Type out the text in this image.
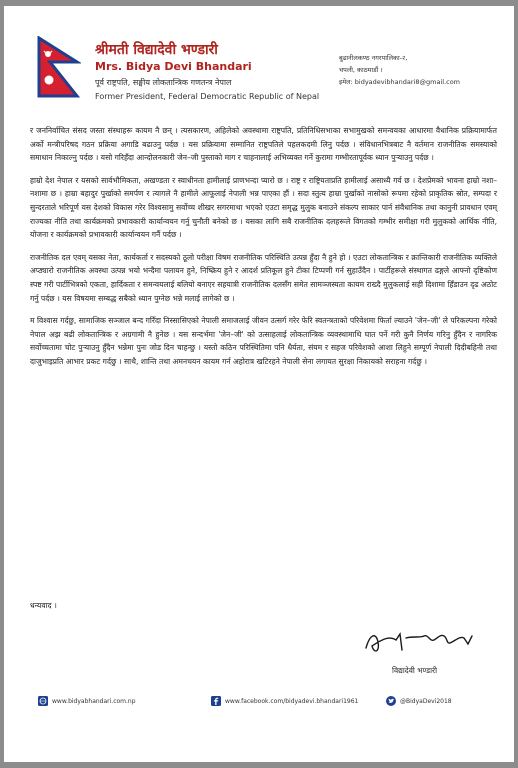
श्रीमती विद्यादेवी भण्डारी
Mrs. Bidya Devi Bhandari
पूर्व राष्ट्रपति, सङ्घीय लोकतान्त्रिक गणतन्त्र नेपाल
Former President, Federal Democratic Republic of Nepal
बुढानीलकण्ठ नगरपालिका-२,
चपली, काठमाडौं ।
इमेल: bidyadevibhandari8@gmail.com

र जननिर्वाचित संसद जस्ता संस्थाहरू कायम नै छन् । त्यसकारण, अहिलेको अवस्थामा राष्ट्रपति, प्रतिनिधिसभाका सभामुखको समन्वयका आधारमा वैधानिक प्रक्रियामार्फत अर्को मन्त्रीपरिषद गठन प्रक्रिया अगाडि बढाउनु पर्दछ । यस प्रक्रियामा सम्मानित राष्ट्रपतिले पहलकदमी लिनु पर्दछ । संविधानभित्रबाट नै वर्तमान राजनीतिक समस्याको समाधान निकाल्नु पर्दछ । यसो गरिहँदा आन्दोलनकारी जेन–जी पुस्ताको माग र चाहनालाई अभिव्यक्त गर्ने कुरामा गम्भीरतापूर्वक ध्यान पुऱ्याउनु पर्दछ ।

हाम्रो देश नेपाल र यसको सार्वभौमिकता, अखण्डता र स्वाधीनता हामीलाई प्राणभन्दा प्यारो छ । राष्ट्र र राष्ट्रियताप्रति हामीलाई असाध्यै गर्व छ । देशप्रेमको भावना हाम्रो नशा–नशामा छ । हाम्रा बहादुर पुर्खाको समर्पण र त्यागले नै हामीले आफूलाई नेपाली भन्न पाएका हौं । सदा स्तुत्य हाम्रा पुर्खाको नासोको रूपमा रहेको प्राकृतिक स्रोत, सम्पदा र सुन्दरताले भरिपूर्ण यस देशको विकास गरेर विश्वसामु सर्वोच्च शीखर सगरमाथा भएको एउटा समृद्ध मुलुक बनाउने संकल्प साकार पार्न संवैधानिक तथा कानुनी प्रावधान एवम् राज्यका नीति तथा कार्यक्रमको प्रभावकारी कार्यान्वयन गर्नु चुनौती बनेको छ । यसका लागि सबै राजनीतिक दलहरूले विगतको गम्भीर समीक्षा गरी मुलुकको आर्थिक नीति, योजना र कार्यक्रमको प्रभावकारी कार्यान्वयन गर्नै पर्दछ ।

राजनीतिक दल एवम् यसका नेता, कार्यकर्ता र सदस्यको ठूलो परीक्षा विषम राजनीतिक परिस्थिति उत्पन्न हुँदा नै हुने हो । एउटा लोकतान्त्रिक र क्रान्तिकारी राजनीतिक व्यक्तिले अप्ठ्यारो राजनीतिक अवस्था उत्पन्न भयो भन्दैमा पलायन हुने, निष्क्रिय हुने र आदर्श प्रतिकूल हुने टीका टिप्पणी गर्न सुहाउँदैन । पार्टीहरूले संस्थागत ढङ्गले आफ्नो दृष्टिकोण स्पष्ट गरी पार्टीभित्रको एकता, हार्दिकता र समन्वयलाई बलियो बनाएर सहयात्री राजनीतिक दलसँग समेत सामञ्जस्यता कायम राख्दै मुलुकलाई सही दिशामा हिँडाउन दृढ अठोट गर्नु पर्दछ । यस विषयमा सम्बद्ध सबैको ध्यान पुग्नेछ भन्ने मलाई लागेको छ ।

म विश्वास गर्दछु, सामाजिक सञ्जाल बन्द गरिँदा निस्सासिएको नेपाली समाजलाई जीवन उत्सर्ग गरेर फेरि स्वतन्त्रताको परिवेशमा फिर्ता ल्याउने 'जेन–जी' ले परिकल्पना गरेको नेपाल अझ बढी लोकतान्त्रिक र अग्रगामी नै हुनेछ । यस सन्दर्भमा 'जेन–जी' को उत्साहलाई लोकतान्त्रिक व्यवस्थामाथि घात पर्ने गरी कुनै निर्णय गरिनु हुँदैन र नागरिक सर्वोच्चतामा चोट पुऱ्याउनु हुँदैन भन्नेमा पुनः जोड दिन चाहन्छु । यस्तो कठिन परिस्थितिमा पनि धैर्यता, संयम र सहज परिवेशको आशा लिहुने सम्पूर्ण नेपाली दिदीबहिनी तथा दाजुभाइप्रति आभार प्रकट गर्दछु । साथै, शान्ति तथा अमनचयन कायम गर्न अहोरात्र खटिरहने नेपाली सेना लगायत सुरक्षा निकायको सराहना गर्दछु ।

धन्यवाद ।
विद्यादेवी भण्डारी
www.bidyabhandari.com.np	www.facebook.com/bidyadevi.bhandari1961	@BidyaDevi2018
